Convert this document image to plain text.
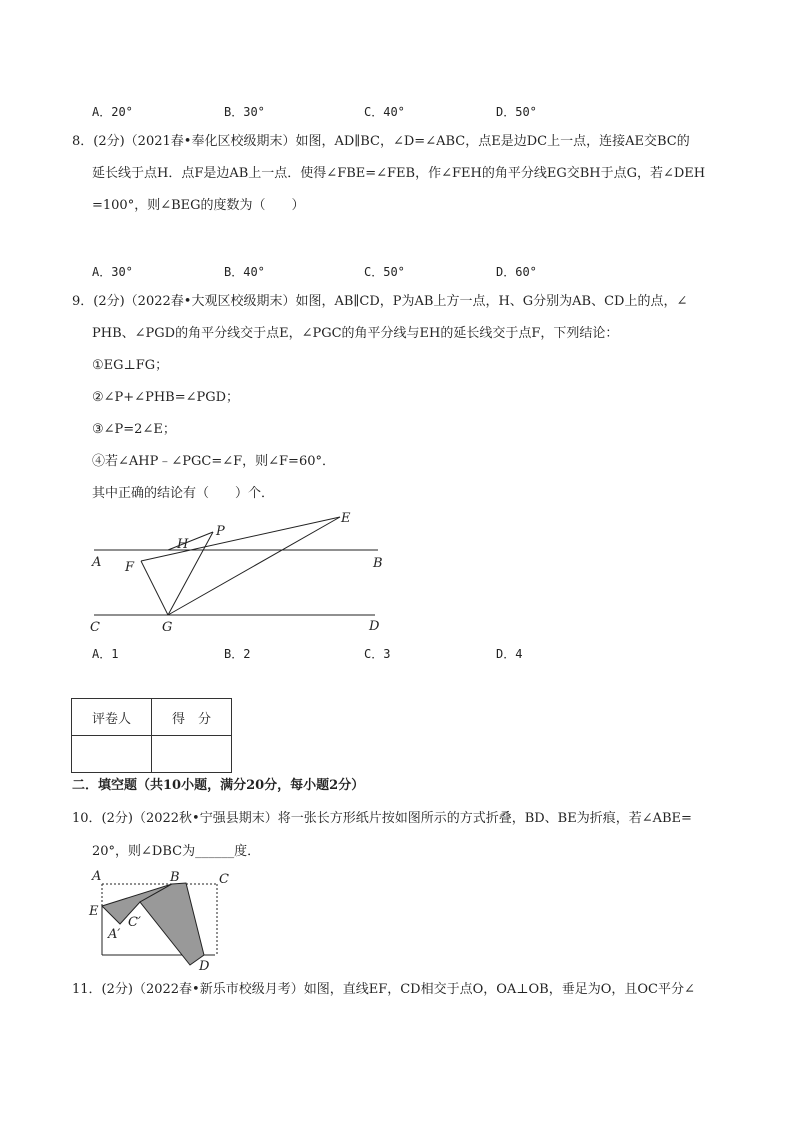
A．20°	B．30°	C．40°	D．50°
8．(2分)（2021春•奉化区校级期末）如图，AD∥BC，∠D=∠ABC，点E是边DC上一点，连接AE交BC的
延长线于点H．点F是边AB上一点．使得∠FBE=∠FEB，作∠FEH的角平分线EG交BH于点G，若∠DEH
=100°，则∠BEG的度数为（　　）
A．30°	B．40°	C．50°	D．60°
9．(2分)（2022春•大观区校级期末）如图，AB∥CD，P为AB上方一点，H、G分别为AB、CD上的点，∠
PHB、∠PGD的角平分线交于点E，∠PGC的角平分线与EH的延长线交于点F，下列结论：
①EG⊥FG；
②∠P+∠PHB=∠PGD；
③∠P=2∠E；
④若∠AHP﹣∠PGC=∠F，则∠F=60°．
其中正确的结论有（　　）个．
A	B
C	D
E
F
G
H
P
A．1	B．2	C．3	D．4
评卷人	得　分

二．填空题（共10小题，满分20分，每小题2分）
10．(2分)（2022秋•宁强县期末）将一张长方形纸片按如图所示的方式折叠，BD、BE为折痕，若∠ABE=
20°，则∠DBC为______度．
A	B	C
D
E
A′
C′
11．(2分)（2022春•新乐市校级月考）如图，直线EF，CD相交于点O，OA⊥OB，垂足为O，且OC平分∠
